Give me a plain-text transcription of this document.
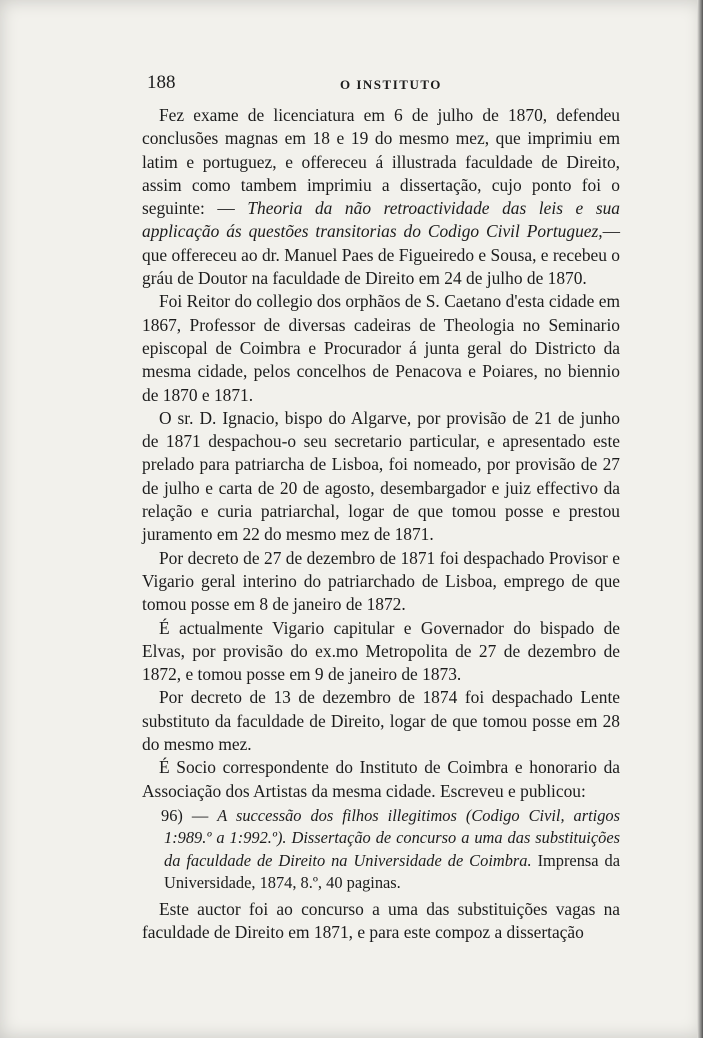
188	O INSTITUTO

Fez exame de licenciatura em 6 de julho de 1870, defendeu conclusões magnas em 18 e 19 do mesmo mez, que imprimiu em latim e portuguez, e offereceu á illustrada faculdade de Direito, assim como tambem imprimiu a dissertação, cujo ponto foi o seguinte: — Theoria da não retroactividade das leis e sua applicação ás questões transitorias do Codigo Civil Portuguez,— que offereceu ao dr. Manuel Paes de Figueiredo e Sousa, e recebeu o gráu de Doutor na faculdade de Direito em 24 de julho de 1870.

Foi Reitor do collegio dos orphãos de S. Caetano d'esta cidade em 1867, Professor de diversas cadeiras de Theologia no Seminario episcopal de Coimbra e Procurador á junta geral do Districto da mesma cidade, pelos concelhos de Penacova e Poiares, no biennio de 1870 e 1871.

O sr. D. Ignacio, bispo do Algarve, por provisão de 21 de junho de 1871 despachou-o seu secretario particular, e apresentado este prelado para patriarcha de Lisboa, foi nomeado, por provisão de 27 de julho e carta de 20 de agosto, desembargador e juiz effectivo da relação e curia patriarchal, logar de que tomou posse e prestou juramento em 22 do mesmo mez de 1871.

Por decreto de 27 de dezembro de 1871 foi despachado Provisor e Vigario geral interino do patriarchado de Lisboa, emprego de que tomou posse em 8 de janeiro de 1872.

É actualmente Vigario capitular e Governador do bispado de Elvas, por provisão do ex.mo Metropolita de 27 de dezembro de 1872, e tomou posse em 9 de janeiro de 1873.

Por decreto de 13 de dezembro de 1874 foi despachado Lente substituto da faculdade de Direito, logar de que tomou posse em 28 do mesmo mez.

É Socio correspondente do Instituto de Coimbra e honorario da Associação dos Artistas da mesma cidade. Escreveu e publicou:

96) — A successão dos filhos illegitimos (Codigo Civil, artigos 1:989.º a 1:992.º). Dissertação de concurso a uma das substituições da faculdade de Direito na Universidade de Coimbra. Imprensa da Universidade, 1874, 8.º, 40 paginas.

Este auctor foi ao concurso a uma das substituições vagas na faculdade de Direito em 1871, e para este compoz a dissertação
